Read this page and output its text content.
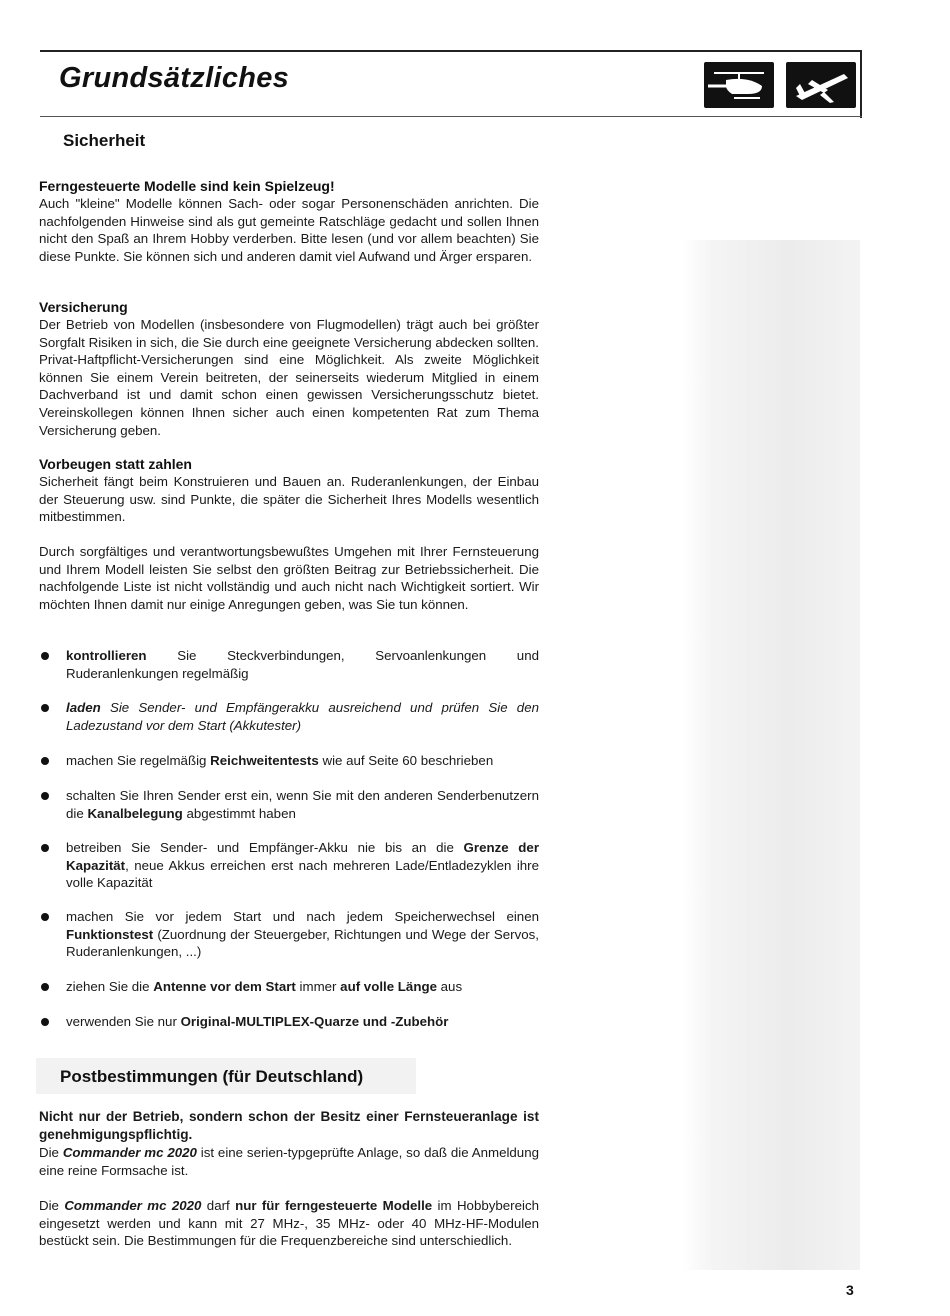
Grundsätzliches
Sicherheit
Ferngesteuerte Modelle sind kein Spielzeug!
Auch "kleine" Modelle können Sach- oder sogar Personenschäden anrichten. Die nachfolgenden Hinweise sind als gut gemeinte Ratschläge gedacht und sollen Ihnen nicht den Spaß an Ihrem Hobby verderben. Bitte lesen (und vor allem beachten) Sie diese Punkte. Sie können sich und anderen damit viel Aufwand und Ärger ersparen.
Versicherung
Der Betrieb von Modellen (insbesondere von Flugmodellen) trägt auch bei größter Sorgfalt Risiken in sich, die Sie durch eine geeignete Versicherung abdecken sollten. Privat-Haftpflicht-Versicherungen sind eine Möglichkeit. Als zweite Möglichkeit können Sie einem Verein beitreten, der seinerseits wiederum Mitglied in einem Dachverband ist und damit schon einen gewissen Versicherungsschutz bietet. Vereinskollegen können Ihnen sicher auch einen kompetenten Rat zum Thema Versicherung geben.
Vorbeugen statt zahlen
Sicherheit fängt beim Konstruieren und Bauen an. Ruderanlenkungen, der Einbau der Steuerung usw. sind Punkte, die später die Sicherheit Ihres Modells wesentlich mitbestimmen.
Durch sorgfältiges und verantwortungsbewußtes Umgehen mit Ihrer Fernsteuerung und Ihrem Modell leisten Sie selbst den größten Beitrag zur Betriebssicherheit. Die nachfolgende Liste ist nicht vollständig und auch nicht nach Wichtigkeit sortiert. Wir möchten Ihnen damit nur einige Anregungen geben, was Sie tun können.
kontrollieren Sie Steckverbindungen, Servoanlenkungen und Ruderanlenkungen regelmäßig
laden Sie Sender- und Empfängerakku ausreichend und prüfen Sie den Ladezustand vor dem Start (Akkutester)
machen Sie regelmäßig Reichweitentests wie auf Seite 60 beschrieben
schalten Sie Ihren Sender erst ein, wenn Sie mit den anderen Senderbenutzern die Kanalbelegung abgestimmt haben
betreiben Sie Sender- und Empfänger-Akku nie bis an die Grenze der Kapazität, neue Akkus erreichen erst nach mehreren Lade/Entladezyklen ihre volle Kapazität
machen Sie vor jedem Start und nach jedem Speicherwechsel einen Funktionstest (Zuordnung der Steuergeber, Richtungen und Wege der Servos, Ruderanlenkungen, ...)
ziehen Sie die Antenne vor dem Start immer auf volle Länge aus
verwenden Sie nur Original-MULTIPLEX-Quarze und -Zubehör
Postbestimmungen (für Deutschland)
Nicht nur der Betrieb, sondern schon der Besitz einer Fernsteueranlage ist genehmigungspflichtig.
Die Commander mc 2020 ist eine serien-typgeprüfte Anlage, so daß die Anmeldung eine reine Formsache ist.
Die Commander mc 2020 darf nur für ferngesteuerte Modelle im Hobbybereich eingesetzt werden und kann mit 27 MHz-, 35 MHz- oder 40 MHz-HF-Modulen bestückt sein. Die Bestimmungen für die Frequenzbereiche sind unterschiedlich.
3
